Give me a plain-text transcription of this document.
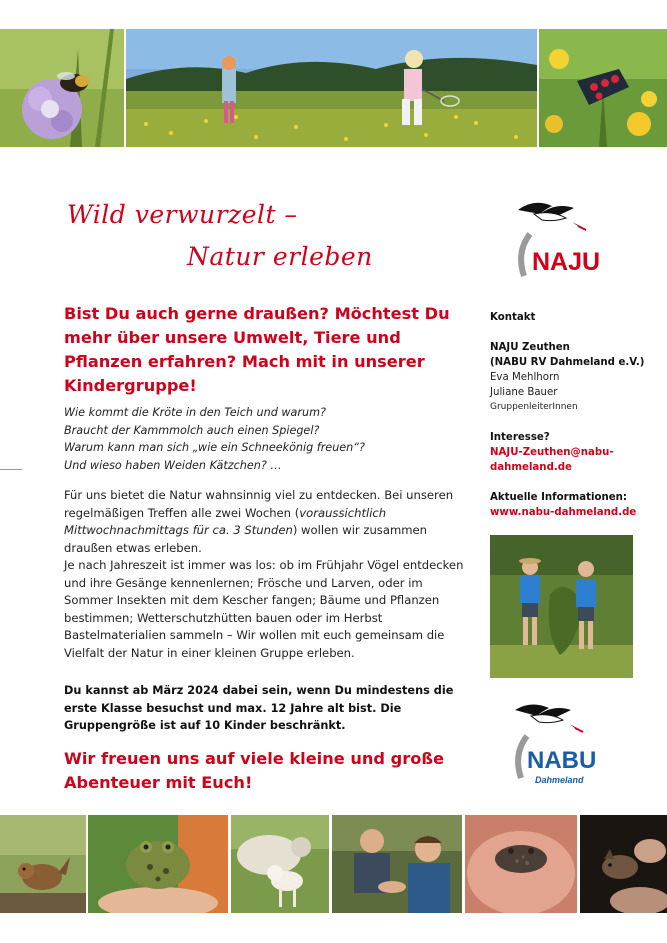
Wild verwurzelt –
Natur erleben	NAJU
Bist Du auch gerne draußen? Möchtest Du mehr über unsere Umwelt, Tiere und Pflanzen erfahren? Mach mit in unserer Kindergruppe!
Wie kommt die Kröte in den Teich und warum?
Braucht der Kammmolch auch einen Spiegel?
Warum kann man sich „wie ein Schneekönig freuen“?
Und wieso haben Weiden Kätzchen? …

Für uns bietet die Natur wahnsinnig viel zu entdecken. Bei unseren regelmäßigen Treffen alle zwei Wochen (voraussichtlich Mittwochnachmittags für ca. 3 Stunden) wollen wir zusammen draußen etwas erleben.

Je nach Jahreszeit ist immer was los: ob im Frühjahr Vögel entdecken und ihre Gesänge kennenlernen; Frösche und Larven, oder im Sommer Insekten mit dem Kescher fangen; Bäume und Pflanzen bestimmen; Wetterschutzhütten bauen oder im Herbst Bastelmaterialien sammeln – Wir wollen mit euch gemeinsam die Vielfalt der Natur in einer kleinen Gruppe erleben.

Du kannst ab März 2024 dabei sein, wenn Du mindestens die erste Klasse besuchst und max. 12 Jahre alt bist. Die Gruppengröße ist auf 10 Kinder beschränkt.
Wir freuen uns auf viele kleine und große Abenteuer mit Euch!
Kontakt
NAJU Zeuthen
(NABU RV Dahmeland e.V.)
Eva Mehlhorn
Juliane Bauer
GruppenleiterInnen
Interesse?
NAJU-Zeuthen@nabu-
dahmeland.de
Aktuelle Informationen:
www.nabu-dahmeland.de
NABU
Dahmeland
